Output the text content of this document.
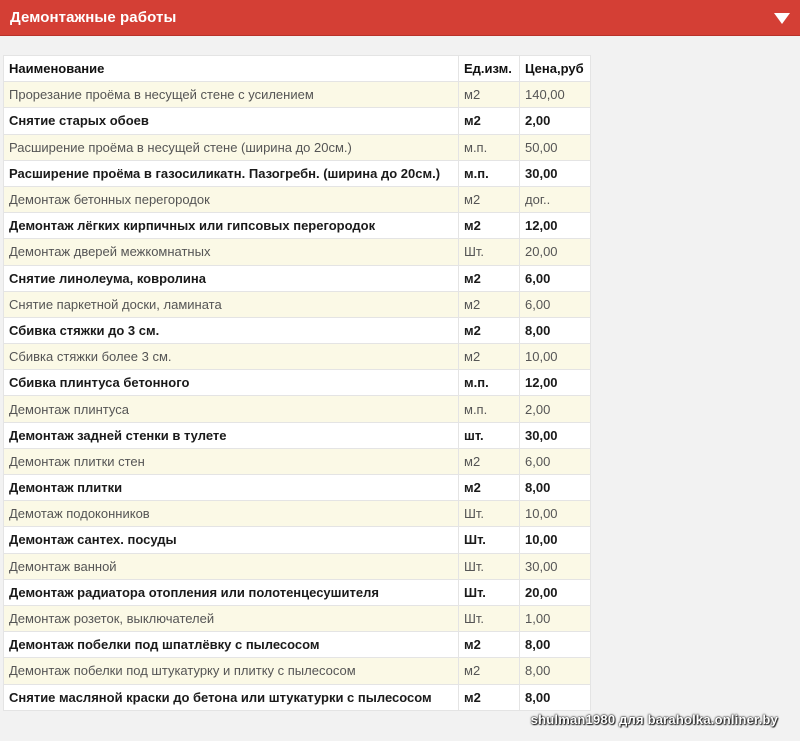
Демонтажные работы
Наименование	Ед.изм.	Цена,руб
Прорезание проёма в несущей стене с усилением	м2	140,00
Снятие старых обоев	м2	2,00
Расширение проёма в несущей стене (ширина до 20см.)	м.п.	50,00
Расширение проёма в газосиликатн. Пазогребн. (ширина до 20см.)	м.п.	30,00
Демонтаж бетонных перегородок	м2	дог..
Демонтаж лёгких кирпичных или гипсовых перегородок	м2	12,00
Демонтаж дверей межкомнатных	Шт.	20,00
Снятие линолеума, ковролина	м2	6,00
Снятие паркетной доски, ламината	м2	6,00
Сбивка стяжки до 3 см.	м2	8,00
Сбивка стяжки более 3 см.	м2	10,00
Сбивка плинтуса бетонного	м.п.	12,00
Демонтаж плинтуса	м.п.	2,00
Демонтаж задней стенки в тулете	шт.	30,00
Демонтаж плитки стен	м2	6,00
Демонтаж плитки	м2	8,00
Демотаж подоконников	Шт.	10,00
Демонтаж сантех. посуды	Шт.	10,00
Демонтаж ванной	Шт.	30,00
Демонтаж радиатора отопления или полотенцесушителя	Шт.	20,00
Демонтаж розеток, выключателей	Шт.	1,00
Демонтаж побелки под шпатлёвку с пылесосом	м2	8,00
Демонтаж побелки под штукатурку и плитку с пылесосом	м2	8,00
Снятие масляной краски до бетона или штукатурки с пылесосом	м2	8,00
shulman1980 для baraholka.onliner.by
